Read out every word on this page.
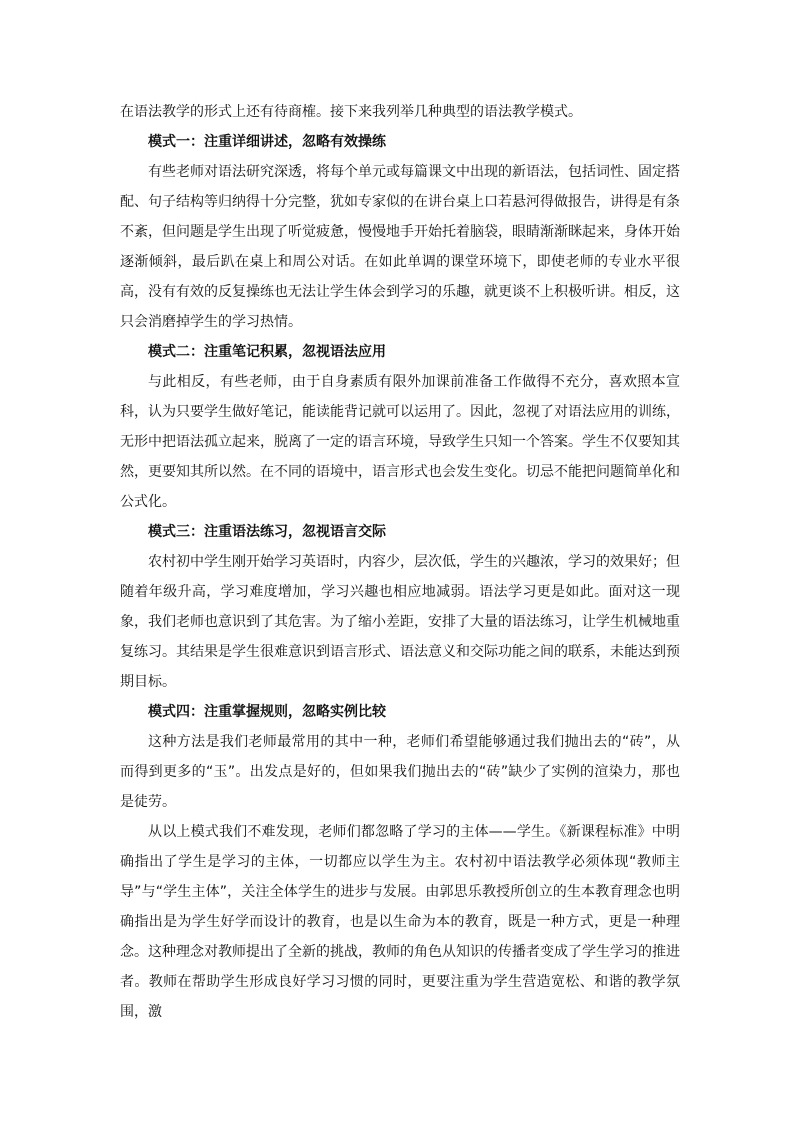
在语法教学的形式上还有待商榷。接下来我列举几种典型的语法教学模式。

模式一：注重详细讲述，忽略有效操练

有些老师对语法研究深透，将每个单元或每篇课文中出现的新语法，包括词性、固定搭配、句子结构等归纳得十分完整，犹如专家似的在讲台桌上口若悬河得做报告，讲得是有条不紊，但问题是学生出现了听觉疲惫，慢慢地手开始托着脑袋，眼睛渐渐眯起来，身体开始逐渐倾斜，最后趴在桌上和周公对话。在如此单调的课堂环境下，即使老师的专业水平很高，没有有效的反复操练也无法让学生体会到学习的乐趣，就更谈不上积极听讲。相反，这只会消磨掉学生的学习热情。

模式二：注重笔记积累，忽视语法应用

与此相反，有些老师，由于自身素质有限外加课前准备工作做得不充分，喜欢照本宣科，认为只要学生做好笔记，能读能背记就可以运用了。因此，忽视了对语法应用的训练，无形中把语法孤立起来，脱离了一定的语言环境，导致学生只知一个答案。学生不仅要知其然，更要知其所以然。在不同的语境中，语言形式也会发生变化。切忌不能把问题简单化和公式化。

模式三：注重语法练习，忽视语言交际

农村初中学生刚开始学习英语时，内容少，层次低，学生的兴趣浓，学习的效果好；但随着年级升高，学习难度增加，学习兴趣也相应地减弱。语法学习更是如此。面对这一现象，我们老师也意识到了其危害。为了缩小差距，安排了大量的语法练习，让学生机械地重复练习。其结果是学生很难意识到语言形式、语法意义和交际功能之间的联系，未能达到预期目标。

模式四：注重掌握规则，忽略实例比较

这种方法是我们老师最常用的其中一种，老师们希望能够通过我们抛出去的“砖”，从而得到更多的“玉”。出发点是好的，但如果我们抛出去的“砖”缺少了实例的渲染力，那也是徒劳。

从以上模式我们不难发现，老师们都忽略了学习的主体——学生。《新课程标准》中明确指出了学生是学习的主体，一切都应以学生为主。农村初中语法教学必须体现“教师主导”与“学生主体”，关注全体学生的进步与发展。由郭思乐教授所创立的生本教育理念也明确指出是为学生好学而设计的教育，也是以生命为本的教育，既是一种方式，更是一种理念。这种理念对教师提出了全新的挑战，教师的角色从知识的传播者变成了学生学习的推进者。教师在帮助学生形成良好学习习惯的同时，更要注重为学生营造宽松、和谐的教学氛围，激
